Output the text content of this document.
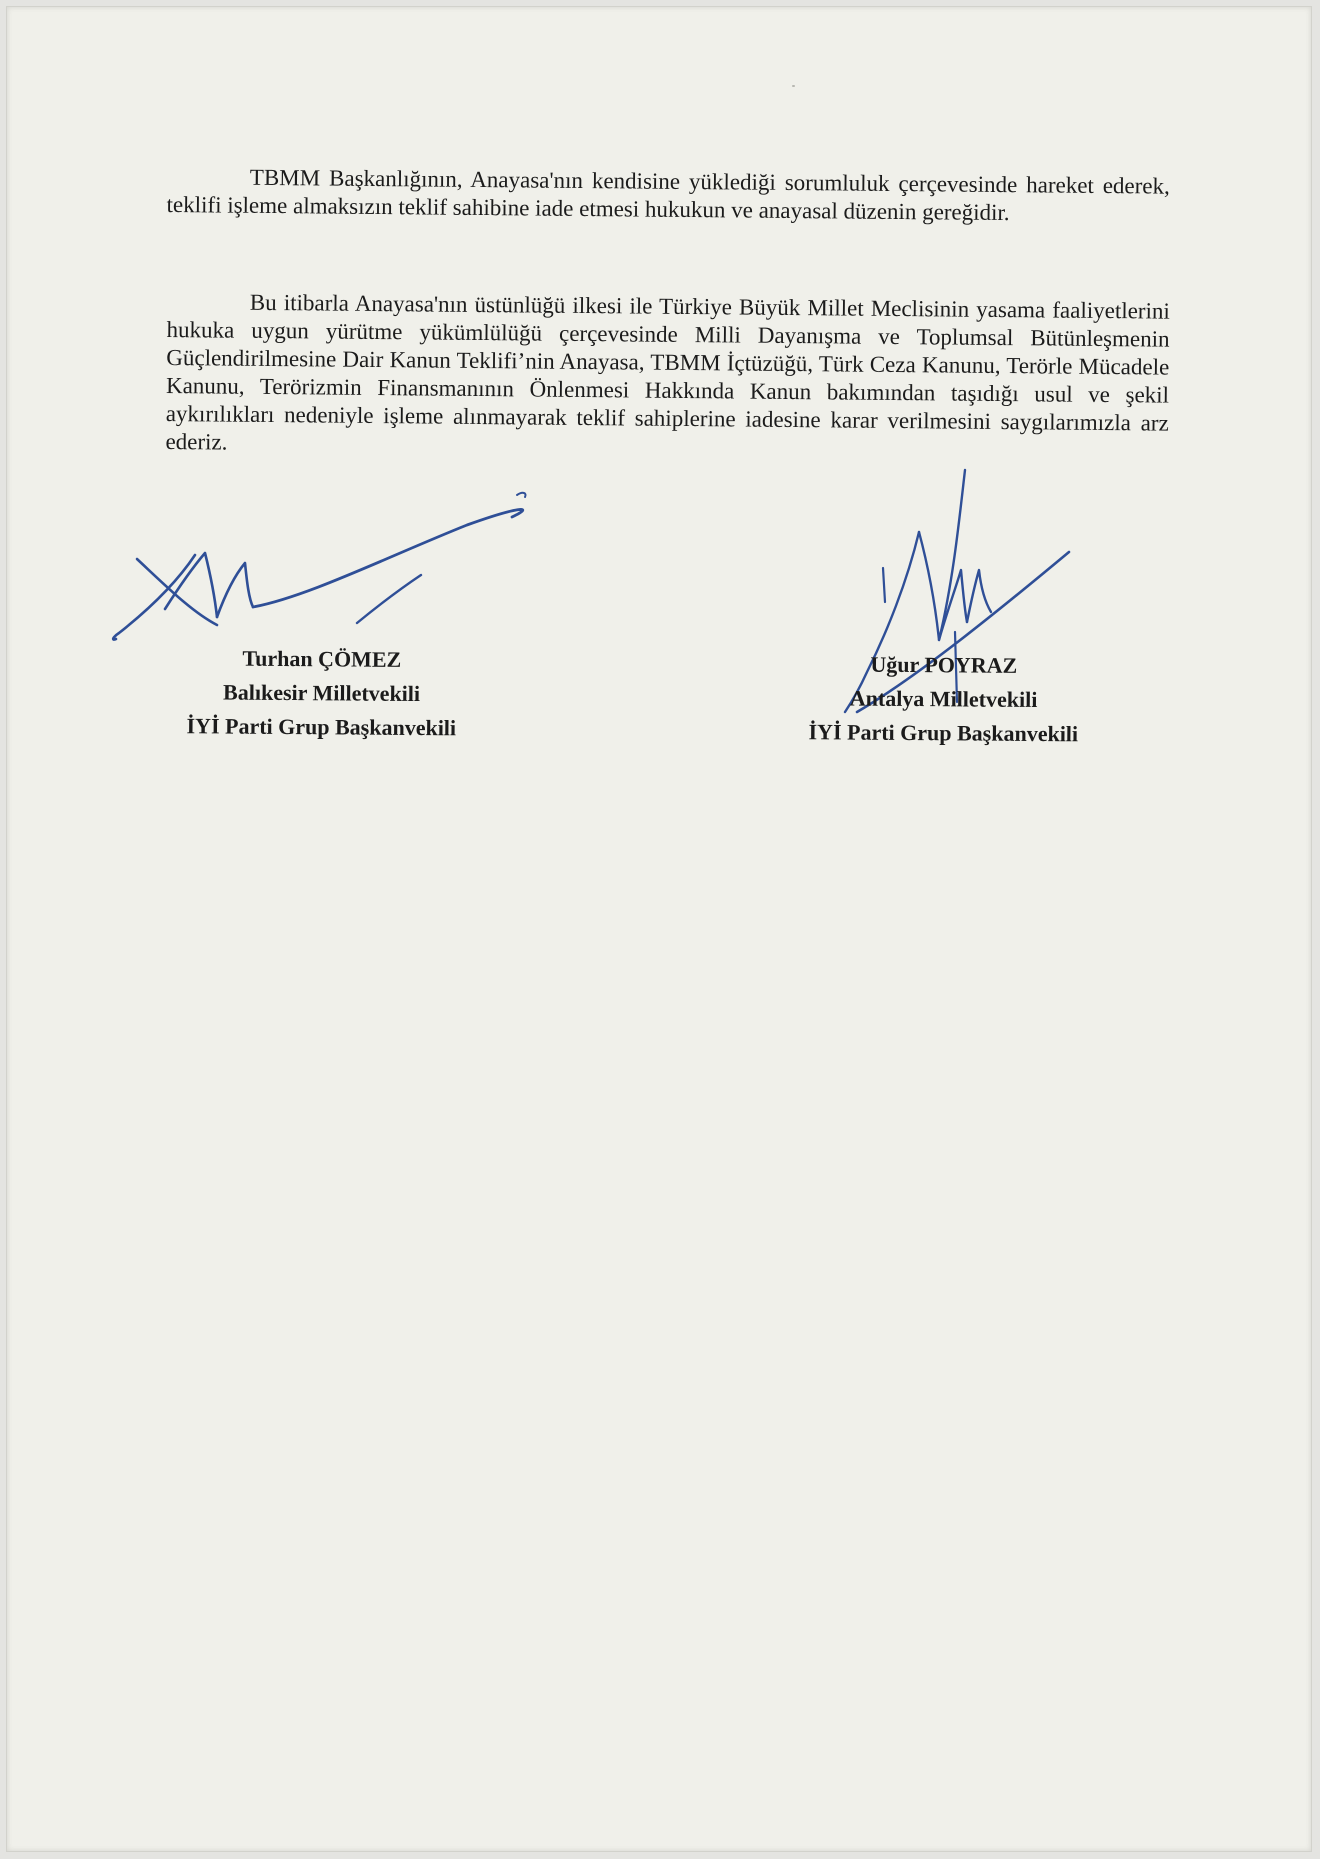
TBMM Başkanlığının, Anayasa'nın kendisine yüklediği sorumluluk çerçevesinde hareket ederek, teklifi işleme almaksızın teklif sahibine iade etmesi hukukun ve anayasal düzenin gereğidir.

Bu itibarla Anayasa'nın üstünlüğü ilkesi ile Türkiye Büyük Millet Meclisinin yasama faaliyetlerini hukuka uygun yürütme yükümlülüğü çerçevesinde Milli Dayanışma ve Toplumsal Bütünleşmenin Güçlendirilmesine Dair Kanun Teklifi’nin Anayasa, TBMM İçtüzüğü, Türk Ceza Kanunu, Terörle Mücadele Kanunu, Terörizmin Finansmanının Önlenmesi Hakkında Kanun bakımından taşıdığı usul ve şekil aykırılıkları nedeniyle işleme alınmayarak teklif sahiplerine iadesine karar verilmesini saygılarımızla arz ederiz.

Turhan ÇÖMEZ
Balıkesir Milletvekili
İYİ Parti Grup Başkanvekili
Uğur POYRAZ
Antalya Milletvekili
İYİ Parti Grup Başkanvekili
